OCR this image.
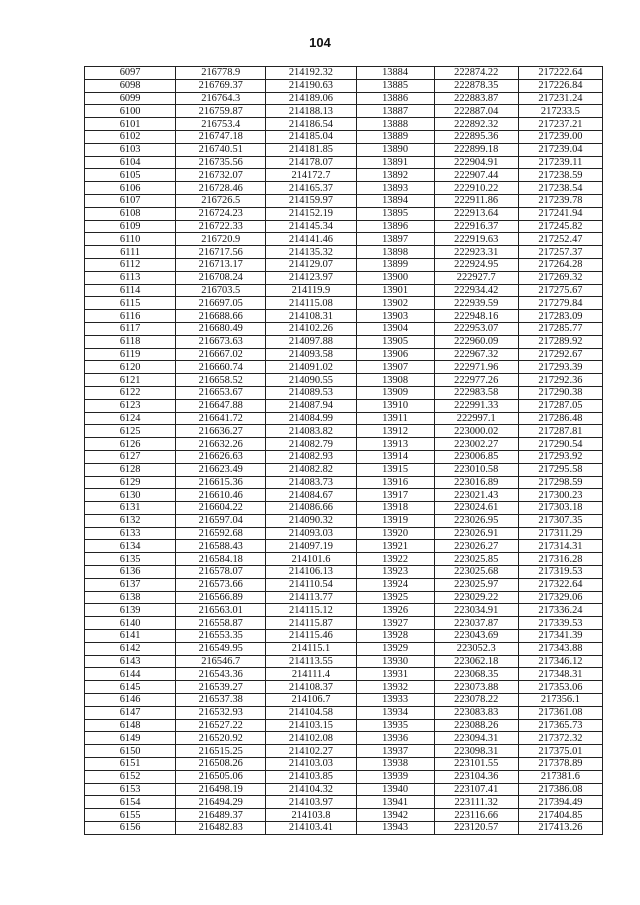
104
6097	216778.9	214192.32	13884	222874.22	217222.64
6098	216769.37	214190.63	13885	222878.35	217226.84
6099	216764.3	214189.06	13886	222883.87	217231.24
6100	216759.87	214188.13	13887	222887.04	217233.5
6101	216753.4	214186.54	13888	222892.32	217237.21
6102	216747.18	214185.04	13889	222895.36	217239.00
6103	216740.51	214181.85	13890	222899.18	217239.04
6104	216735.56	214178.07	13891	222904.91	217239.11
6105	216732.07	214172.7	13892	222907.44	217238.59
6106	216728.46	214165.37	13893	222910.22	217238.54
6107	216726.5	214159.97	13894	222911.86	217239.78
6108	216724.23	214152.19	13895	222913.64	217241.94
6109	216722.33	214145.34	13896	222916.37	217245.82
6110	216720.9	214141.46	13897	222919.63	217252.47
6111	216717.56	214135.32	13898	222923.31	217257.37
6112	216713.17	214129.07	13899	222924.95	217264.28
6113	216708.24	214123.97	13900	222927.7	217269.32
6114	216703.5	214119.9	13901	222934.42	217275.67
6115	216697.05	214115.08	13902	222939.59	217279.84
6116	216688.66	214108.31	13903	222948.16	217283.09
6117	216680.49	214102.26	13904	222953.07	217285.77
6118	216673.63	214097.88	13905	222960.09	217289.92
6119	216667.02	214093.58	13906	222967.32	217292.67
6120	216660.74	214091.02	13907	222971.96	217293.39
6121	216658.52	214090.55	13908	222977.26	217292.36
6122	216653.67	214089.53	13909	222983.58	217290.38
6123	216647.88	214087.94	13910	222991.33	217287.05
6124	216641.72	214084.99	13911	222997.1	217286.48
6125	216636.27	214083.82	13912	223000.02	217287.81
6126	216632.26	214082.79	13913	223002.27	217290.54
6127	216626.63	214082.93	13914	223006.85	217293.92
6128	216623.49	214082.82	13915	223010.58	217295.58
6129	216615.36	214083.73	13916	223016.89	217298.59
6130	216610.46	214084.67	13917	223021.43	217300.23
6131	216604.22	214086.66	13918	223024.61	217303.18
6132	216597.04	214090.32	13919	223026.95	217307.35
6133	216592.68	214093.03	13920	223026.91	217311.29
6134	216588.43	214097.19	13921	223026.27	217314.31
6135	216584.18	214101.6	13922	223025.85	217316.28
6136	216578.07	214106.13	13923	223025.68	217319.53
6137	216573.66	214110.54	13924	223025.97	217322.64
6138	216566.89	214113.77	13925	223029.22	217329.06
6139	216563.01	214115.12	13926	223034.91	217336.24
6140	216558.87	214115.87	13927	223037.87	217339.53
6141	216553.35	214115.46	13928	223043.69	217341.39
6142	216549.95	214115.1	13929	223052.3	217343.88
6143	216546.7	214113.55	13930	223062.18	217346.12
6144	216543.36	214111.4	13931	223068.35	217348.31
6145	216539.27	214108.37	13932	223073.88	217353.06
6146	216537.38	214106.7	13933	223078.22	217356.1
6147	216532.93	214104.58	13934	223083.83	217361.08
6148	216527.22	214103.15	13935	223088.26	217365.73
6149	216520.92	214102.08	13936	223094.31	217372.32
6150	216515.25	214102.27	13937	223098.31	217375.01
6151	216508.26	214103.03	13938	223101.55	217378.89
6152	216505.06	214103.85	13939	223104.36	217381.6
6153	216498.19	214104.32	13940	223107.41	217386.08
6154	216494.29	214103.97	13941	223111.32	217394.49
6155	216489.37	214103.8	13942	223116.66	217404.85
6156	216482.83	214103.41	13943	223120.57	217413.26
